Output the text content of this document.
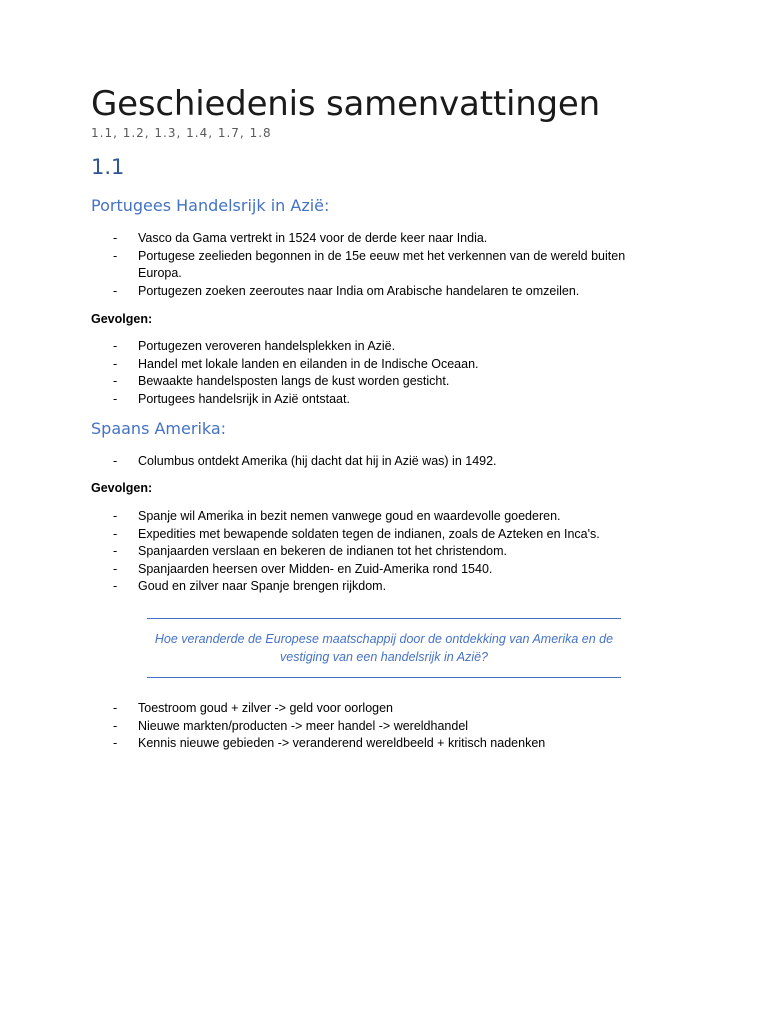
Geschiedenis samenvattingen
1.1, 1.2, 1.3, 1.4, 1.7, 1.8
1.1
Portugees Handelsrijk in Azië:
- Vasco da Gama vertrekt in 1524 voor de derde keer naar India.
- Portugese zeelieden begonnen in de 15e eeuw met het verkennen van de wereld buiten Europa.
- Portugezen zoeken zeeroutes naar India om Arabische handelaren te omzeilen.
Gevolgen:
- Portugezen veroveren handelsplekken in Azië.
- Handel met lokale landen en eilanden in de Indische Oceaan.
- Bewaakte handelsposten langs de kust worden gesticht.
- Portugees handelsrijk in Azië ontstaat.
Spaans Amerika:
- Columbus ontdekt Amerika (hij dacht dat hij in Azië was) in 1492.
Gevolgen:
- Spanje wil Amerika in bezit nemen vanwege goud en waardevolle goederen.
- Expedities met bewapende soldaten tegen de indianen, zoals de Azteken en Inca's.
- Spanjaarden verslaan en bekeren de indianen tot het christendom.
- Spanjaarden heersen over Midden- en Zuid-Amerika rond 1540.
- Goud en zilver naar Spanje brengen rijkdom.
Hoe veranderde de Europese maatschappij door de ontdekking van Amerika en de vestiging van een handelsrijk in Azië?
- Toestroom goud + zilver -> geld voor oorlogen
- Nieuwe markten/producten -> meer handel -> wereldhandel
- Kennis nieuwe gebieden -> veranderend wereldbeeld + kritisch nadenken
